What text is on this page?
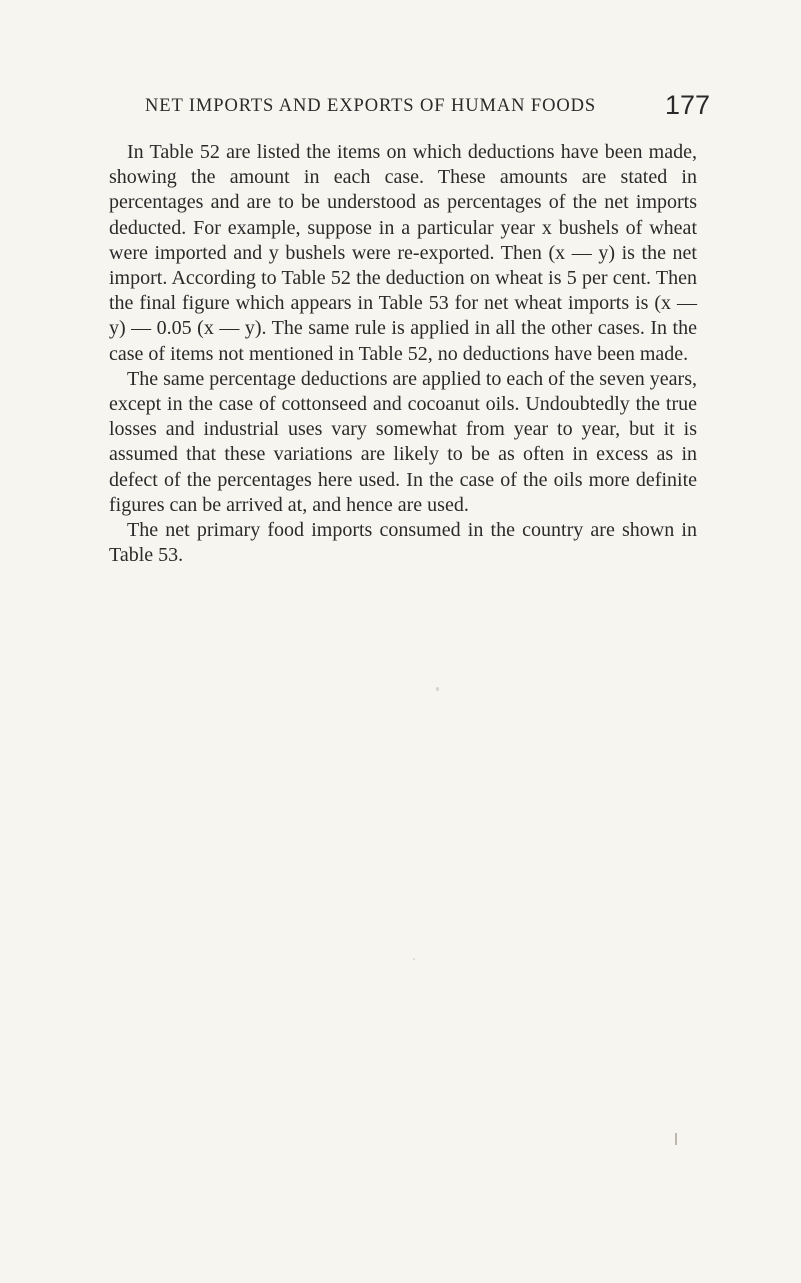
NET IMPORTS AND EXPORTS OF HUMAN FOODS	177

In Table 52 are listed the items on which deductions have been made, showing the amount in each case. These amounts are stated in percentages and are to be understood as percentages of the net imports deducted. For example, suppose in a particular year x bushels of wheat were imported and y bushels were re-exported. Then (x — y) is the net import. According to Table 52 the deduction on wheat is 5 per cent. Then the final figure which appears in Table 53 for net wheat imports is (x — y) — 0.05 (x — y). The same rule is applied in all the other cases. In the case of items not mentioned in Table 52, no deductions have been made.

The same percentage deductions are applied to each of the seven years, except in the case of cottonseed and cocoanut oils. Undoubtedly the true losses and industrial uses vary somewhat from year to year, but it is assumed that these variations are likely to be as often in excess as in defect of the percentages here used. In the case of the oils more definite figures can be arrived at, and hence are used.

The net primary food imports consumed in the country are shown in Table 53.
